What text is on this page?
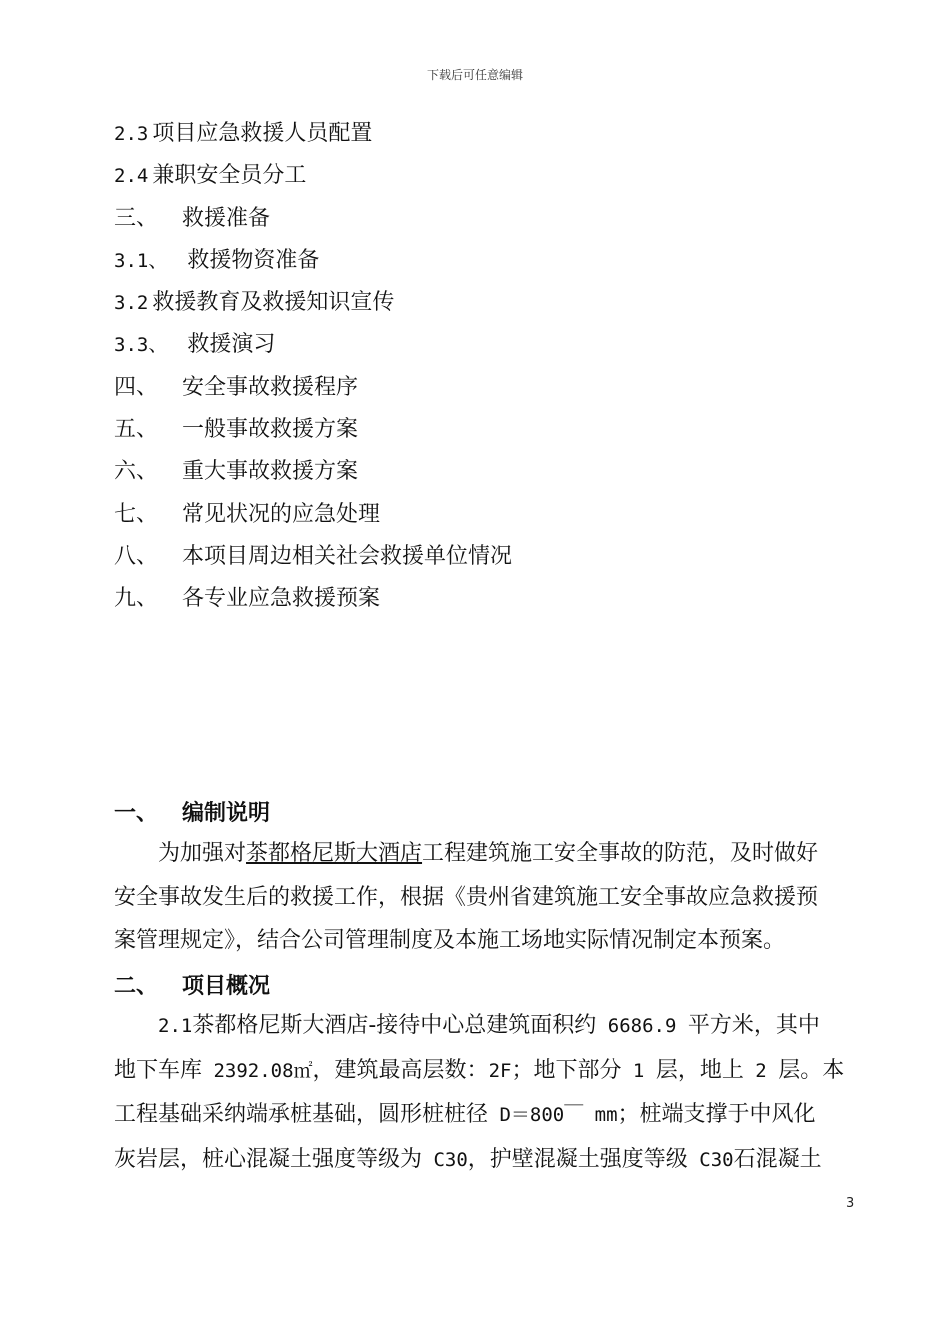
下载后可任意编辑
2.3 项目应急救援人员配置
2.4 兼职安全员分工
三、 救援准备
3.1、 救援物资准备
3.2 救援教育及救援知识宣传
3.3、 救援演习
四、 安全事故救援程序
五、 一般事故救援方案
六、 重大事故救援方案
七、 常见状况的应急处理
八、 本项目周边相关社会救援单位情况
九、 各专业应急救援预案
一、 编制说明
　　为加强对茶都格尼斯大酒店工程建筑施工安全事故的防范，及时做好
安全事故发生后的救援工作，根据《贵州省建筑施工安全事故应急救援预
案管理规定》，结合公司管理制度及本施工场地实际情况制定本预案。
二、 项目概况
　　2.1茶都格尼斯大酒店-接待中心总建筑面积约 6686.9 平方米，其中
地下车库 2392.08㎡，建筑最高层数：2F；地下部分 1 层，地上 2 层。本
工程基础采纳端承桩基础，圆形桩桩径 D＝800￣ mm；桩端支撑于中风化
灰岩层，桩心混凝土强度等级为 C30，护壁混凝土强度等级 C30石混凝土
3
